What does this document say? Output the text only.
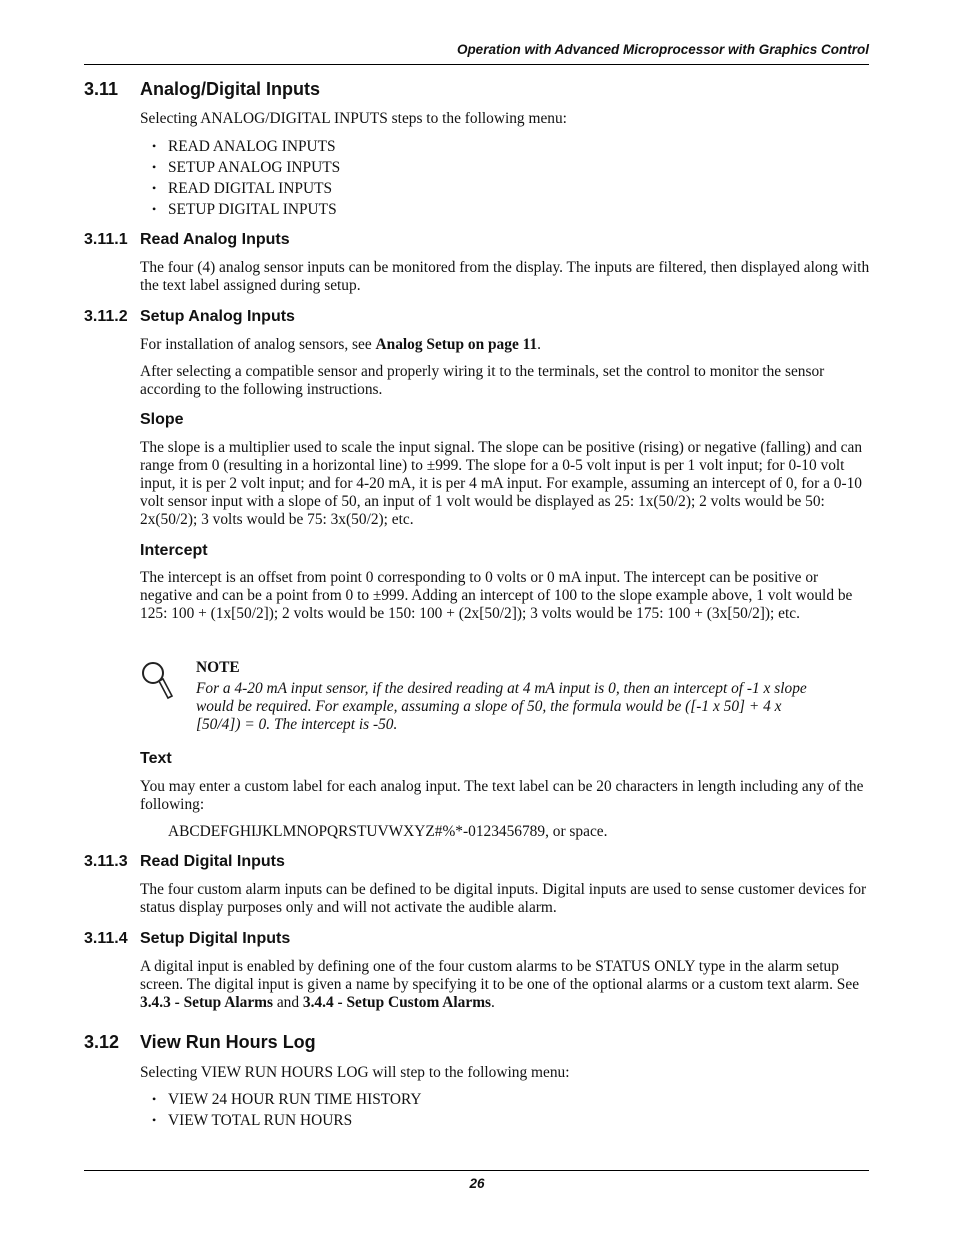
Operation with Advanced Microprocessor with Graphics Control
3.11 Analog/Digital Inputs

Selecting ANALOG/DIGITAL INPUTS steps to the following menu:

• READ ANALOG INPUTS
• SETUP ANALOG INPUTS
• READ DIGITAL INPUTS
• SETUP DIGITAL INPUTS
3.11.1 Read Analog Inputs

The four (4) analog sensor inputs can be monitored from the display. The inputs are filtered, then displayed along with the text label assigned during setup.

3.11.2 Setup Analog Inputs

For installation of analog sensors, see Analog Setup on page 11.

After selecting a compatible sensor and properly wiring it to the terminals, set the control to monitor the sensor according to the following instructions.

Slope

The slope is a multiplier used to scale the input signal. The slope can be positive (rising) or negative (falling) and can range from 0 (resulting in a horizontal line) to ±999. The slope for a 0-5 volt input is per 1 volt input; for 0-10 volt input, it is per 2 volt input; and for 4-20 mA, it is per 4 mA input. For example, assuming an intercept of 0, for a 0-10 volt sensor input with a slope of 50, an input of 1 volt would be displayed as 25: 1x(50/2); 2 volts would be 50: 2x(50/2); 3 volts would be 75: 3x(50/2); etc.

Intercept

The intercept is an offset from point 0 corresponding to 0 volts or 0 mA input. The intercept can be positive or negative and can be a point from 0 to ±999. Adding an intercept of 100 to the slope example above, 1 volt would be 125: 100 + (1x[50/2]); 2 volts would be 150: 100 + (2x[50/2]); 3 volts would be 175: 100 + (3x[50/2]); etc.

NOTE

For a 4-20 mA input sensor, if the desired reading at 4 mA input is 0, then an intercept of -1 x slope would be required. For example, assuming a slope of 50, the formula would be ([-1 x 50] + 4 x [50/4]) = 0. The intercept is -50.

Text

You may enter a custom label for each analog input. The text label can be 20 characters in length including any of the following:

ABCDEFGHIJKLMNOPQRSTUVWXYZ#%*-0123456789, or space.

3.11.3 Read Digital Inputs

The four custom alarm inputs can be defined to be digital inputs. Digital inputs are used to sense customer devices for status display purposes only and will not activate the audible alarm.

3.11.4 Setup Digital Inputs

A digital input is enabled by defining one of the four custom alarms to be STATUS ONLY type in the alarm setup screen. The digital input is given a name by specifying it to be one of the optional alarms or a custom text alarm. See 3.4.3 - Setup Alarms and 3.4.4 - Setup Custom Alarms.

3.12 View Run Hours Log

Selecting VIEW RUN HOURS LOG will step to the following menu:

• VIEW 24 HOUR RUN TIME HISTORY
• VIEW TOTAL RUN HOURS
26
